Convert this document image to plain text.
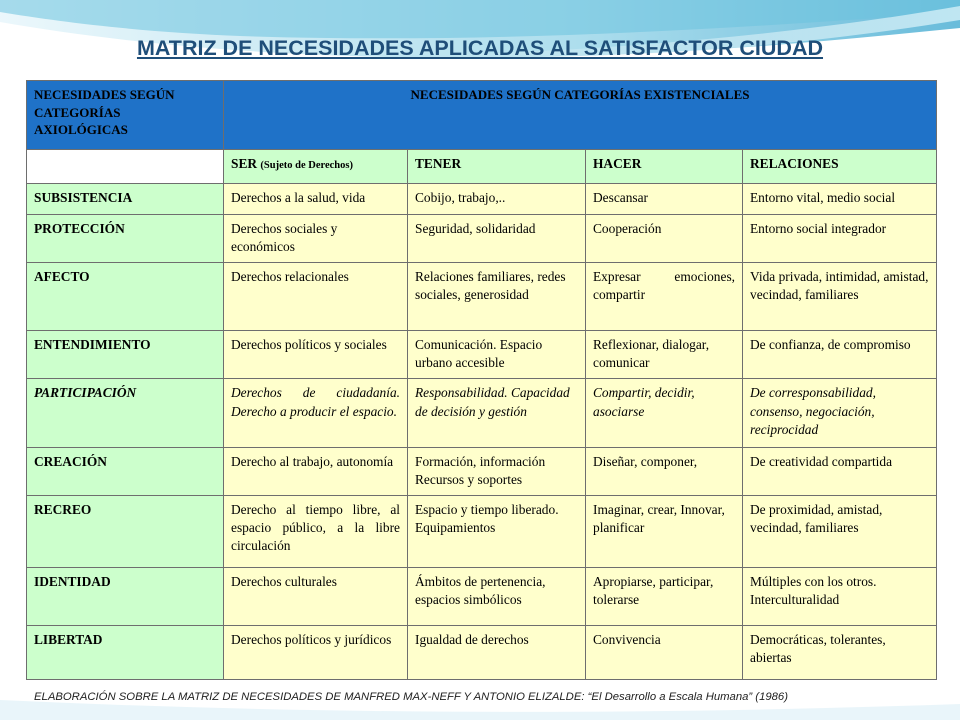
MATRIZ DE NECESIDADES APLICADAS AL SATISFACTOR CIUDAD
NECESIDADES SEGÚN CATEGORÍAS AXIOLÓGICAS	NECESIDADES SEGÚN CATEGORÍAS EXISTENCIALES			
	SER (Sujeto de Derechos)	TENER	HACER	RELACIONES
SUBSISTENCIA	Derechos a la salud, vida	Cobijo, trabajo,..	Descansar	Entorno vital, medio social
PROTECCIÓN	Derechos sociales y económicos	Seguridad, solidaridad	Cooperación	Entorno social integrador
AFECTO	Derechos relacionales	Relaciones familiares, redes sociales, generosidad	Expresar emociones, compartir	Vida privada, intimidad, amistad, vecindad, familiares
ENTENDIMIENTO	Derechos políticos y sociales	Comunicación. Espacio urbano accesible	Reflexionar, dialogar, comunicar	De confianza, de compromiso
PARTICIPACIÓN	Derechos de ciudadanía. Derecho a producir el espacio.	Responsabilidad. Capacidad de decisión y gestión	Compartir, decidir, asociarse	De corresponsabilidad, consenso, negociación, reciprocidad
CREACIÓN	Derecho al trabajo, autonomía	Formación, información Recursos y soportes	Diseñar, componer,	De creatividad compartida
RECREO	Derecho al tiempo libre, al espacio público, a la libre circulación	Espacio y tiempo liberado. Equipamientos	Imaginar, crear, Innovar, planificar	De proximidad, amistad, vecindad, familiares
IDENTIDAD	Derechos culturales	Ámbitos de pertenencia, espacios simbólicos	Apropiarse, participar, tolerarse	Múltiples con los otros. Interculturalidad
LIBERTAD	Derechos políticos y jurídicos	Igualdad de derechos	Convivencia	Democráticas, tolerantes, abiertas
ELABORACIÓN SOBRE LA MATRIZ DE NECESIDADES DE MANFRED MAX-NEFF Y ANTONIO ELIZALDE: “El Desarrollo a Escala Humana” (1986)
